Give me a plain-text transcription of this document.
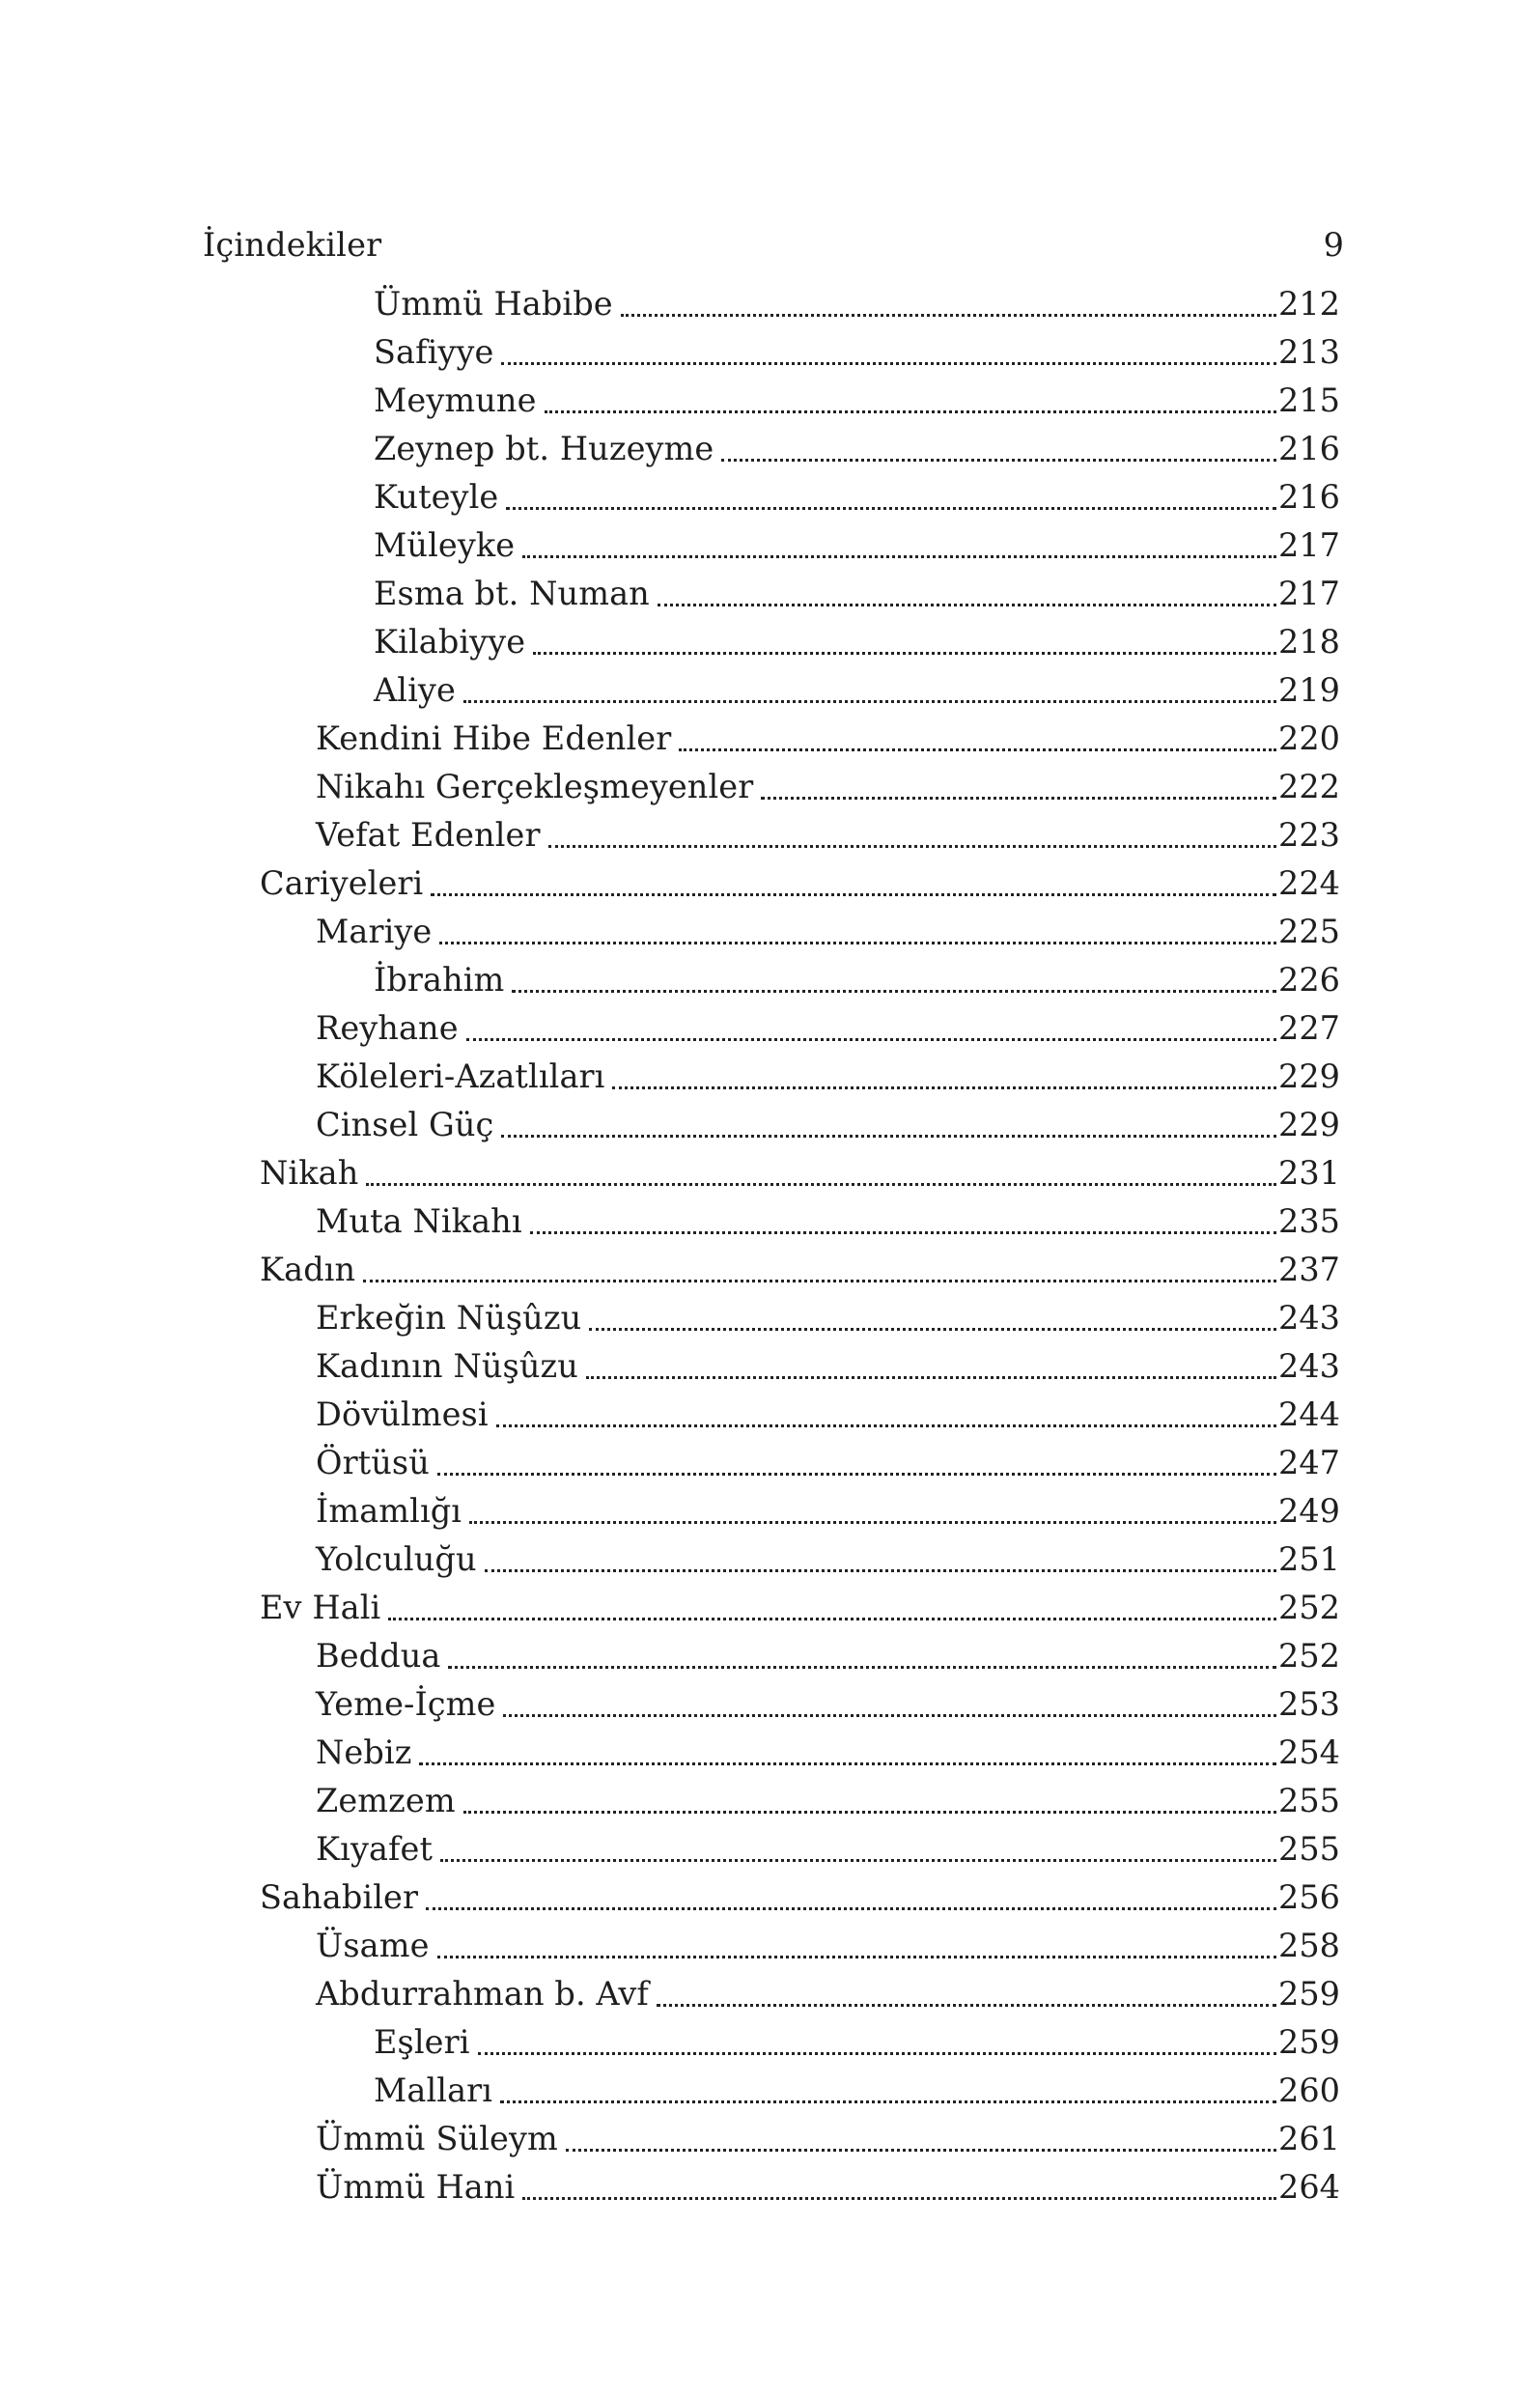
İçindekiler	9
Ümmü Habibe	212
Safiyye	213
Meymune	215
Zeynep bt. Huzeyme	216
Kuteyle	216
Müleyke	217
Esma bt. Numan	217
Kilabiyye	218
Aliye	219
Kendini Hibe Edenler	220
Nikahı Gerçekleşmeyenler	222
Vefat Edenler	223
Cariyeleri	224
Mariye	225
İbrahim	226
Reyhane	227
Köleleri-Azatlıları	229
Cinsel Güç	229
Nikah	231
Muta Nikahı	235
Kadın	237
Erkeğin Nüşûzu	243
Kadının Nüşûzu	243
Dövülmesi	244
Örtüsü	247
İmamlığı	249
Yolculuğu	251
Ev Hali	252
Beddua	252
Yeme-İçme	253
Nebiz	254
Zemzem	255
Kıyafet	255
Sahabiler	256
Üsame	258
Abdurrahman b. Avf	259
Eşleri	259
Malları	260
Ümmü Süleym	261
Ümmü Hani	264
